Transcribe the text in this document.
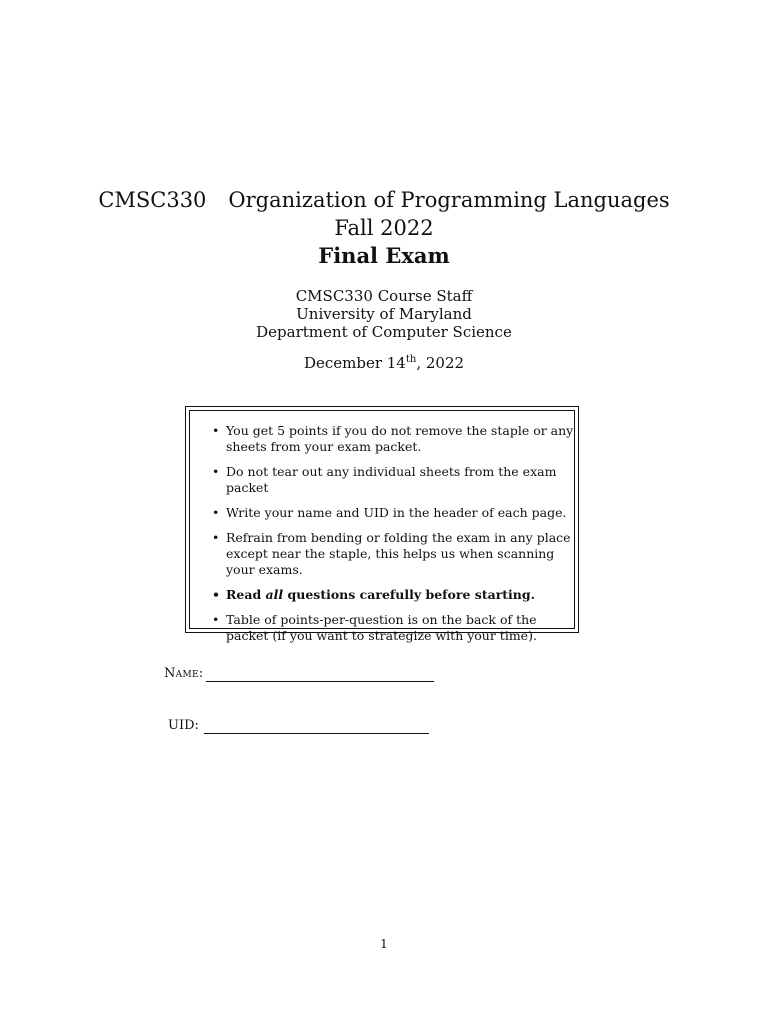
CMSC330 Organization of Programming Languages
Fall 2022
Final Exam
CMSC330 Course Staff
University of Maryland
Department of Computer Science
December 14th, 2022
• You get 5 points if you do not remove the staple or any sheets from your exam packet.
• Do not tear out any individual sheets from the exam packet
• Write your name and UID in the header of each page.
• Refrain from bending or folding the exam in any place except near the staple, this helps us when scanning your exams.
• Read all questions carefully before starting.
• Table of points-per-question is on the back of the packet (if you want to strategize with your time).
Name:
UID:
1
